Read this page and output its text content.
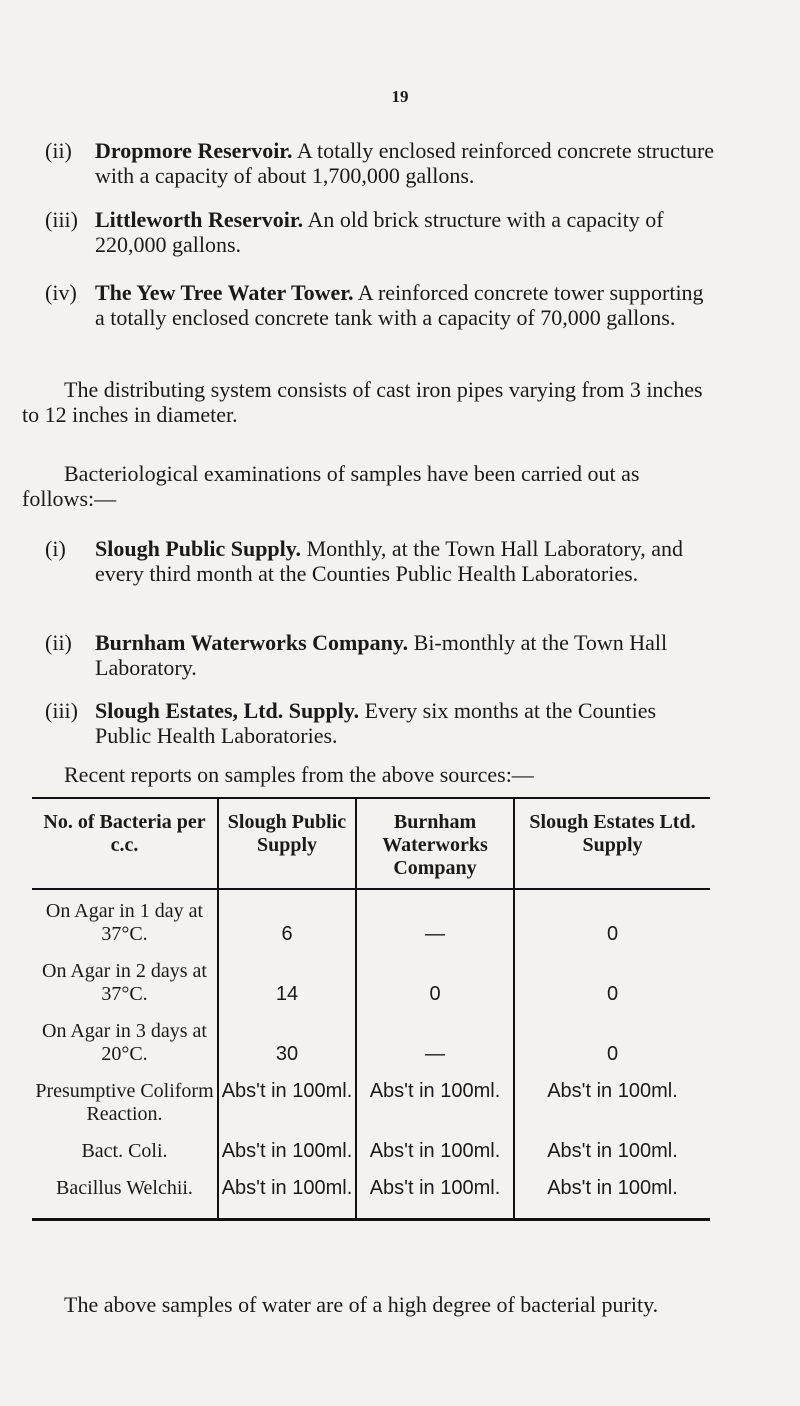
19
(ii) Dropmore Reservoir. A totally enclosed reinforced concrete structure with a capacity of about 1,700,000 gallons.
(iii) Littleworth Reservoir. An old brick structure with a capacity of 220,000 gallons.
(iv) The Yew Tree Water Tower. A reinforced concrete tower supporting a totally enclosed concrete tank with a capacity of 70,000 gallons.
The distributing system consists of cast iron pipes varying from 3 inches to 12 inches in diameter.
Bacteriological examinations of samples have been carried out as follows:—
(i) Slough Public Supply. Monthly, at the Town Hall Laboratory, and every third month at the Counties Public Health Laboratories.
(ii) Burnham Waterworks Company. Bi-monthly at the Town Hall Laboratory.
(iii) Slough Estates, Ltd. Supply. Every six months at the Counties Public Health Laboratories.
Recent reports on samples from the above sources:—
No. of Bacteria per c.c.	Slough Public Supply	Burnham Waterworks Company	Slough Estates Ltd. Supply
On Agar in 1 day at 37°C.	6	—	0
On Agar in 2 days at 37°C.	14	0	0
On Agar in 3 days at 20°C.	30	—	0
Presumptive Coliform Reaction.	Abs't in 100ml.	Abs't in 100ml.	Abs't in 100ml.
Bact. Coli.	Abs't in 100ml.	Abs't in 100ml.	Abs't in 100ml.
Bacillus Welchii.	Abs't in 100ml.	Abs't in 100ml.	Abs't in 100ml.
The above samples of water are of a high degree of bacterial purity.
